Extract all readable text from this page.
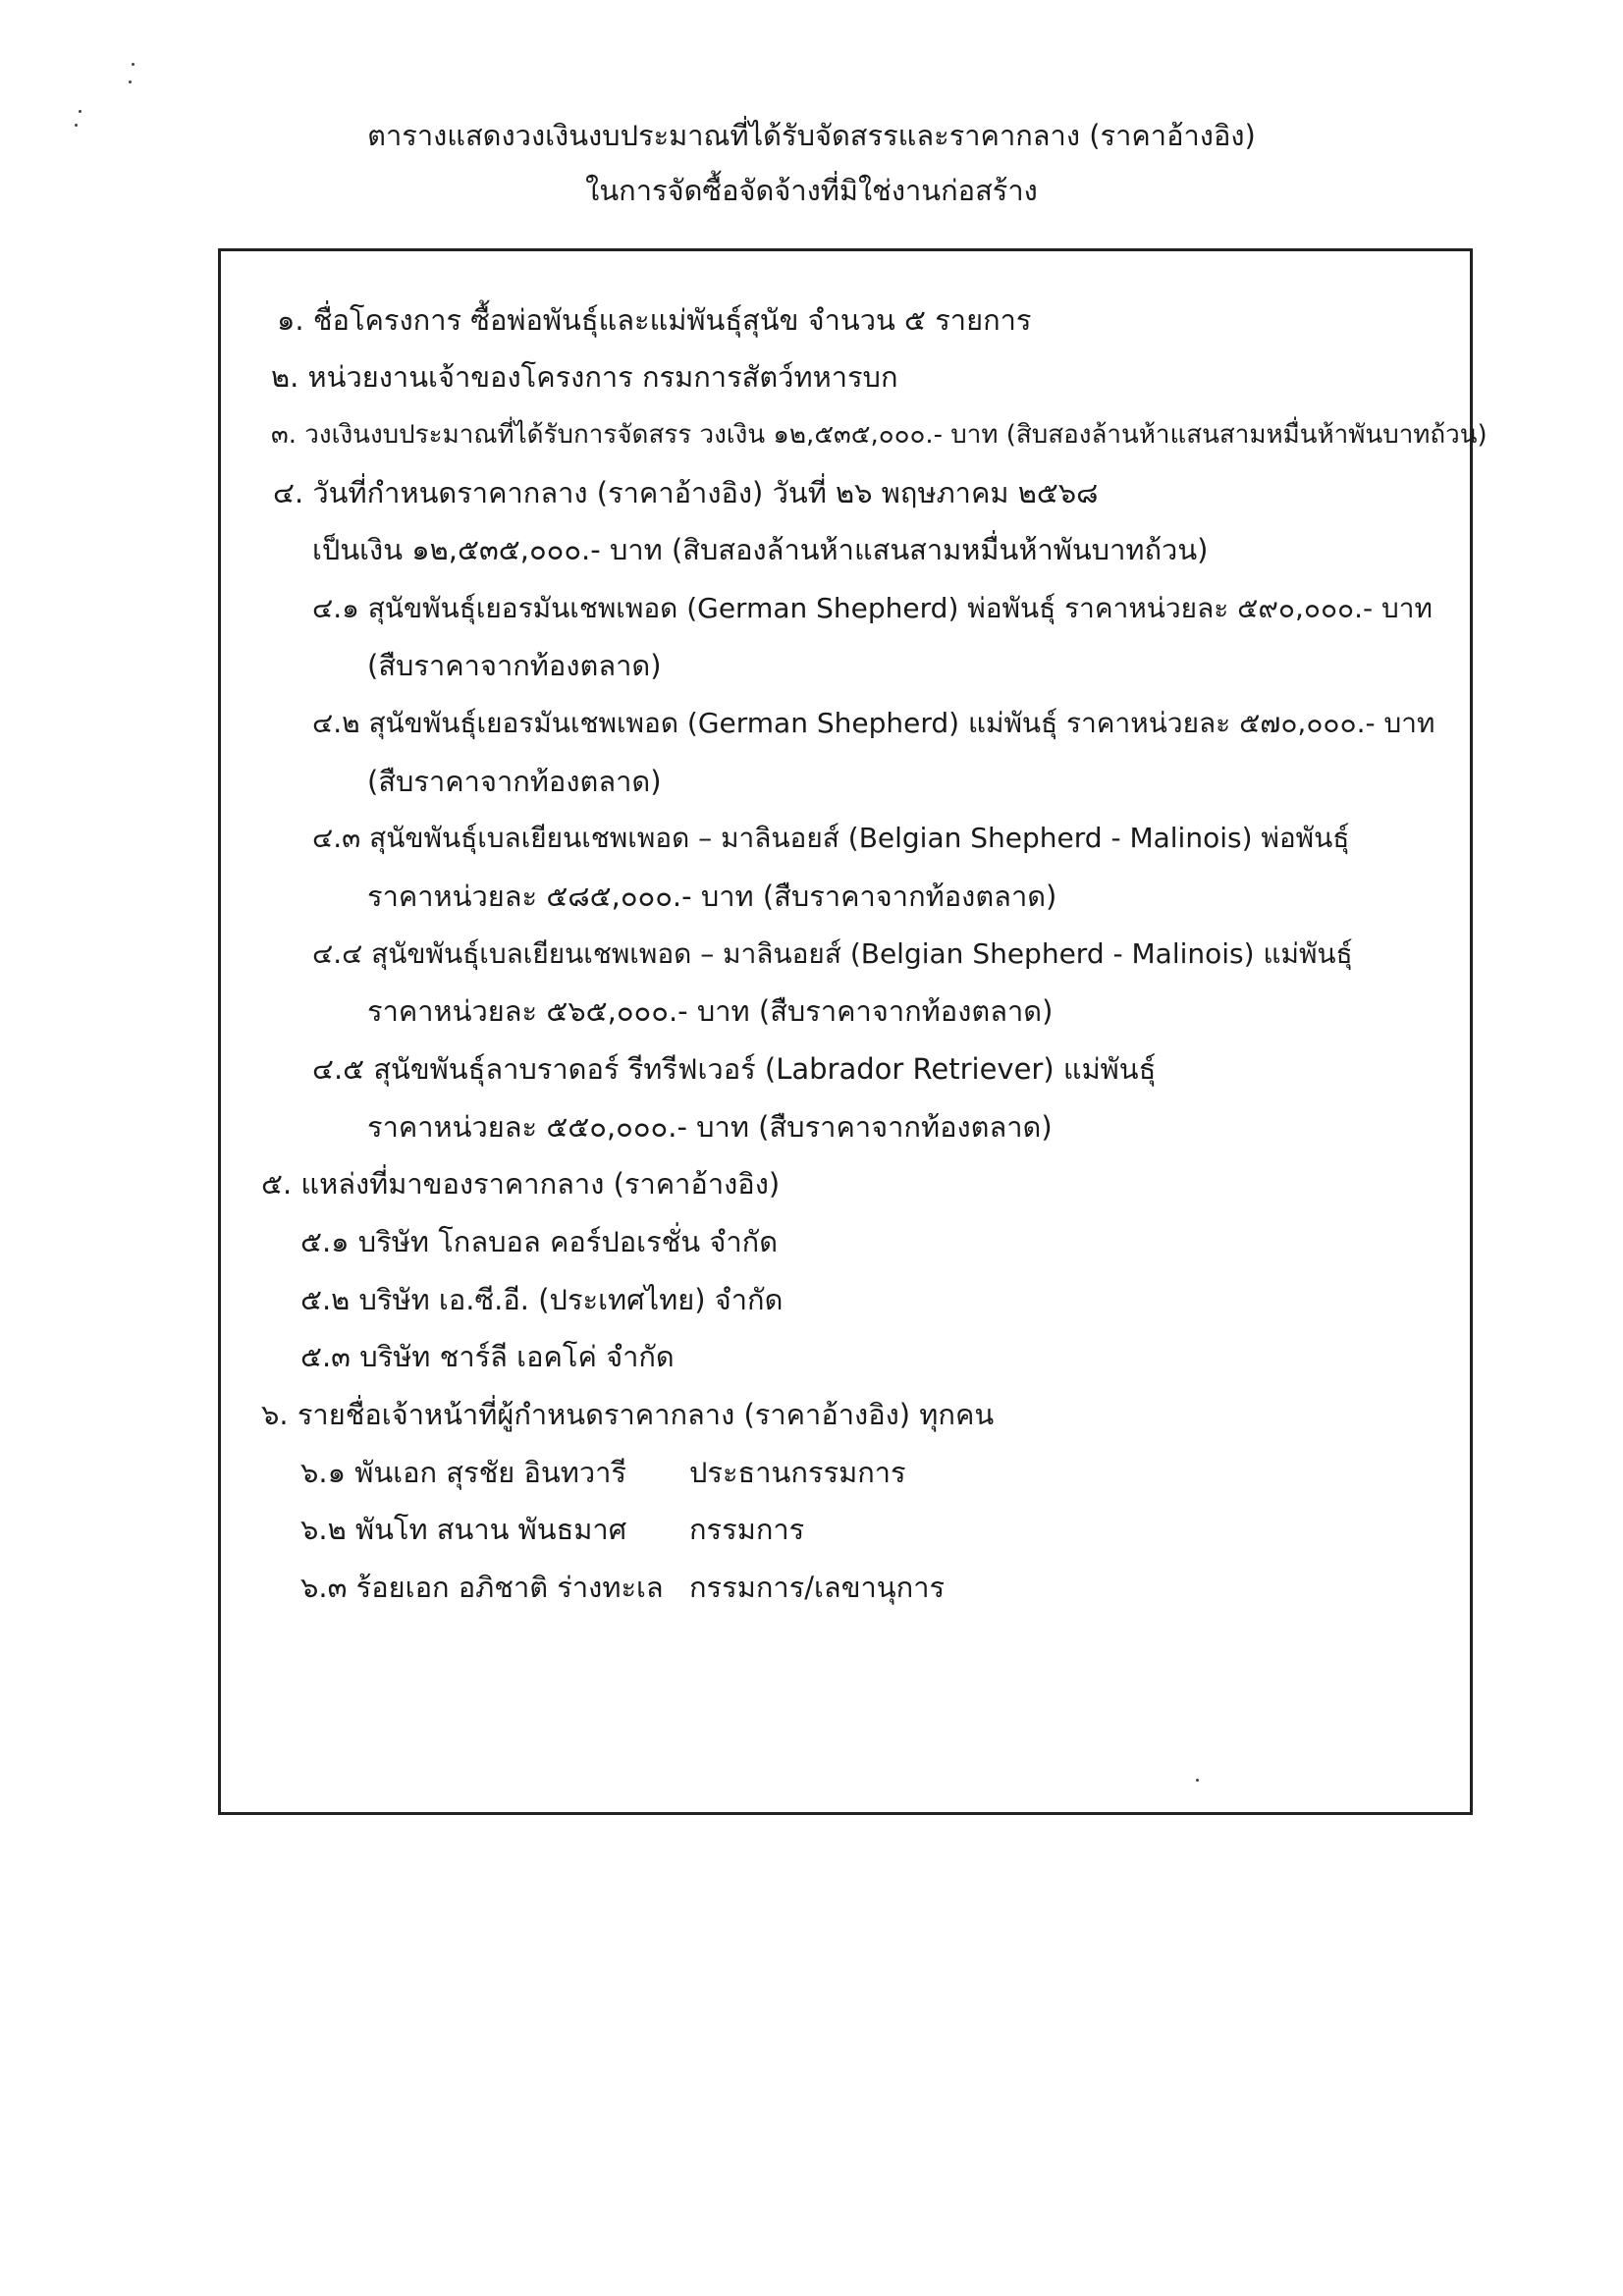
ตารางแสดงวงเงินงบประมาณที่ได้รับจัดสรรและราคากลาง (ราคาอ้างอิง)
ในการจัดซื้อจัดจ้างที่มิใช่งานก่อสร้าง
๑. ชื่อโครงการ ซื้อพ่อพันธุ์และแม่พันธุ์สุนัข จำนวน ๕ รายการ
๒. หน่วยงานเจ้าของโครงการ กรมการสัตว์ทหารบก
๓. วงเงินงบประมาณที่ได้รับการจัดสรร วงเงิน ๑๒,๕๓๕,๐๐๐.- บาท (สิบสองล้านห้าแสนสามหมื่นห้าพันบาทถ้วน)
๔. วันที่กำหนดราคากลาง (ราคาอ้างอิง) วันที่ ๒๖ พฤษภาคม ๒๕๖๘
เป็นเงิน ๑๒,๕๓๕,๐๐๐.- บาท (สิบสองล้านห้าแสนสามหมื่นห้าพันบาทถ้วน)
๔.๑ สุนัขพันธุ์เยอรมันเชพเพอด (German Shepherd) พ่อพันธุ์ ราคาหน่วยละ ๕๙๐,๐๐๐.- บาท
(สืบราคาจากท้องตลาด)
๔.๒ สุนัขพันธุ์เยอรมันเชพเพอด (German Shepherd) แม่พันธุ์ ราคาหน่วยละ ๕๗๐,๐๐๐.- บาท
(สืบราคาจากท้องตลาด)
๔.๓ สุนัขพันธุ์เบลเยียนเชพเพอด – มาลินอยส์ (Belgian Shepherd - Malinois) พ่อพันธุ์
ราคาหน่วยละ ๕๘๕,๐๐๐.- บาท (สืบราคาจากท้องตลาด)
๔.๔ สุนัขพันธุ์เบลเยียนเชพเพอด – มาลินอยส์ (Belgian Shepherd - Malinois) แม่พันธุ์
ราคาหน่วยละ ๕๖๕,๐๐๐.- บาท (สืบราคาจากท้องตลาด)
๔.๕ สุนัขพันธุ์ลาบราดอร์ รีทรีฟเวอร์ (Labrador Retriever) แม่พันธุ์
ราคาหน่วยละ ๕๕๐,๐๐๐.- บาท (สืบราคาจากท้องตลาด)
๕. แหล่งที่มาของราคากลาง (ราคาอ้างอิง)
๕.๑ บริษัท โกลบอล คอร์ปอเรชั่น จำกัด
๕.๒ บริษัท เอ.ซี.อี. (ประเทศไทย) จำกัด
๕.๓ บริษัท ชาร์ลี เอคโค่ จำกัด
๖. รายชื่อเจ้าหน้าที่ผู้กำหนดราคากลาง (ราคาอ้างอิง) ทุกคน
๖.๑ พันเอก สุรชัย อินทวารี ประธานกรรมการ
๖.๒ พันโท สนาน พันธมาศ กรรมการ
๖.๓ ร้อยเอก อภิชาติ ร่างทะเล กรรมการ/เลขานุการ
